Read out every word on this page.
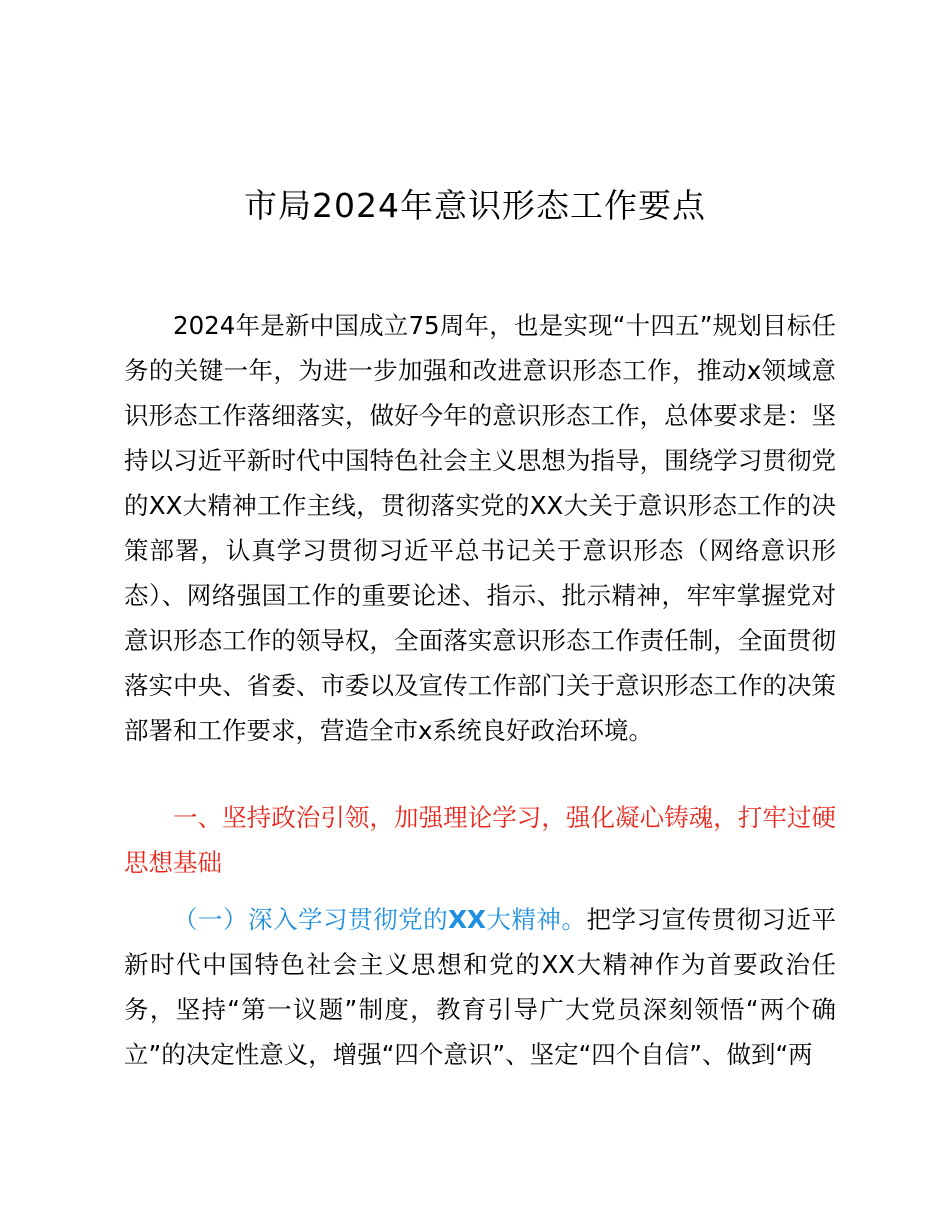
市局2024年意识形态工作要点

2024年是新中国成立75周年，也是实现“十四五”规划目标任务的关键一年，为进一步加强和改进意识形态工作，推动x领域意识形态工作落细落实，做好今年的意识形态工作，总体要求是：坚持以习近平新时代中国特色社会主义思想为指导，围绕学习贯彻党的XX大精神工作主线，贯彻落实党的XX大关于意识形态工作的决策部署，认真学习贯彻习近平总书记关于意识形态（网络意识形态）、网络强国工作的重要论述、指示、批示精神，牢牢掌握党对意识形态工作的领导权，全面落实意识形态工作责任制，全面贯彻落实中央、省委、市委以及宣传工作部门关于意识形态工作的决策部署和工作要求，营造全市x系统良好政治环境。

一、坚持政治引领，加强理论学习，强化凝心铸魂，打牢过硬思想基础

（一）深入学习贯彻党的XX大精神。把学习宣传贯彻习近平新时代中国特色社会主义思想和党的XX大精神作为首要政治任务，坚持“第一议题”制度，教育引导广大党员深刻领悟“两个确立”的决定性意义，增强“四个意识”、坚定“四个自信”、做到“两
